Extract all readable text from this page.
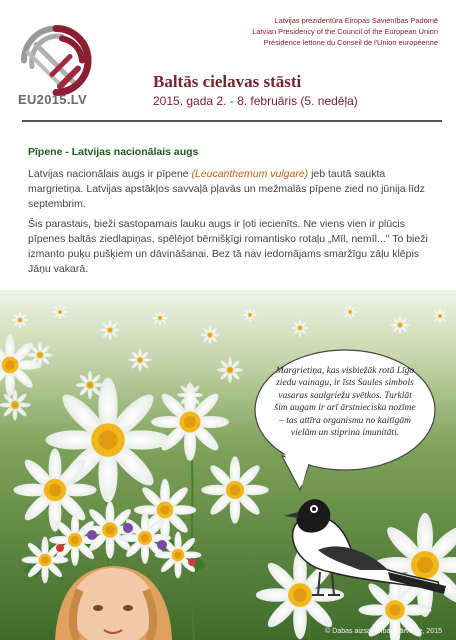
EU2015.LV
Latvijas prezidentūra Eiropas Savienības Padomē
Latvian Presidency of the Council of the European Union
Présidence lettone du Conseil de l'Union européenne
Baltās cielavas stāsti
2015. gada 2. - 8. februāris (5. nedēļa)
Pīpene - Latvijas nacionālais augs

Latvijas nacionālais augs ir pīpene (Leucanthemum vulgare) jeb tautā saukta margrietiņa. Latvijas apstākļos savvaļā pļavās un mežmalās pīpene zied no jūnija līdz septembrim.

Šis parastais, bieži sastopamais lauku augs ir ļoti iecienīts. Ne viens vien ir plūcis pīpenes baltās ziedlapiņas, spēlējot bērnišķīgi romantisko rotaļu „Mīl, nemīl..." To bieži izmanto puķu pušķiem un dāvināšanai. Bez tā nav iedomājams smaržīgu zāļu klēpis Jāņu vakarā.

Margrietiņa, kas visbiežāk rotā Līgo ziedu vainagu, ir īsts Saules simbols vasaras saulgriežu svētkos. Turklāt šim augam ir arī ārstnieciska nozīme – tas attīra organismu no kaitīgām vielām un stiprina imunitāti.
© Dabas aizsardzības pārvalde, 2015
